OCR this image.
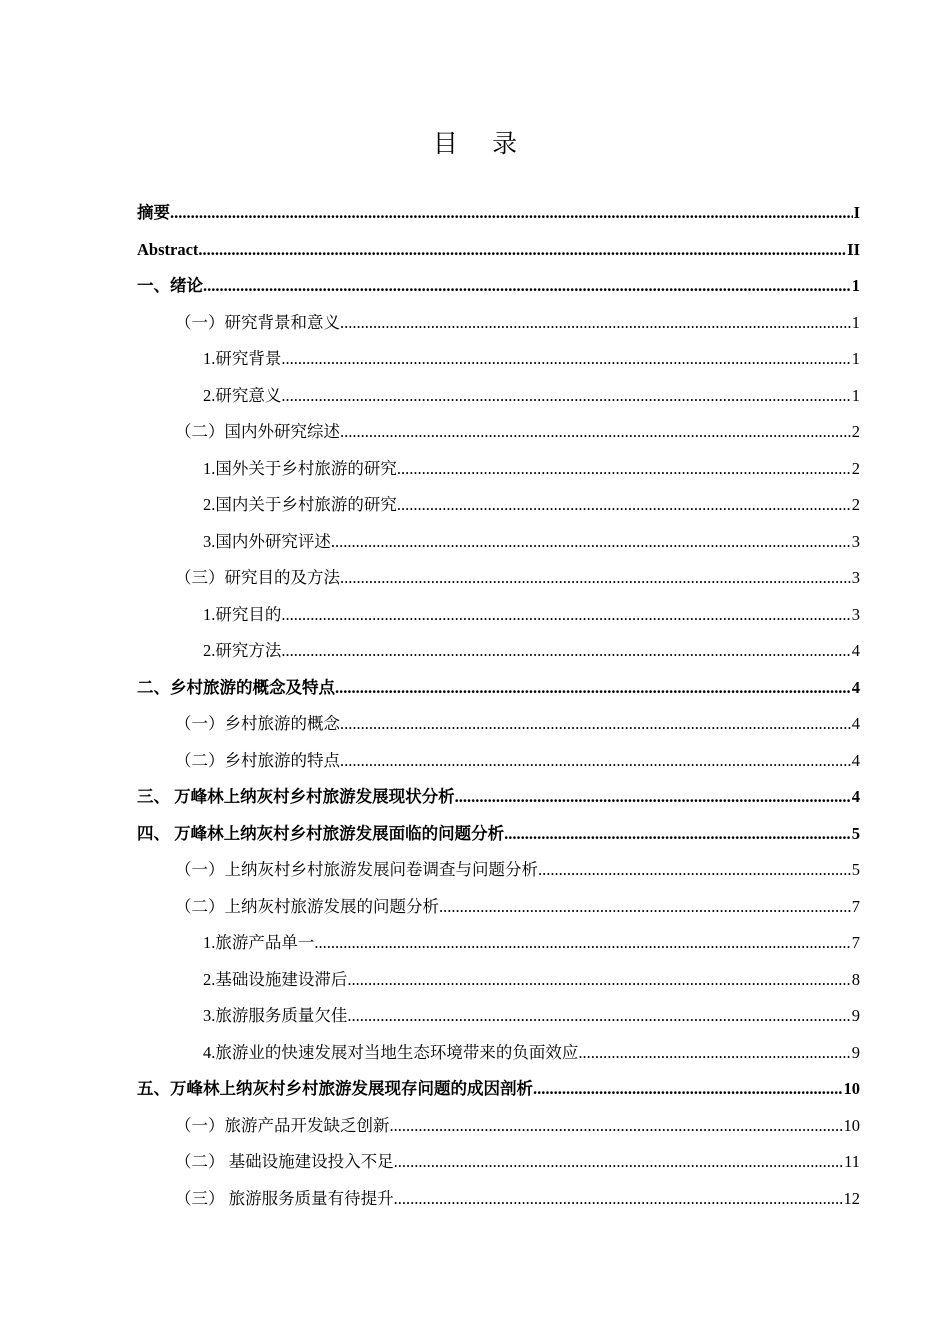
目 录
摘要 .....	I
Abstract .....	II
一、绪论 .....	1
（一）研究背景和意义 .....	1
1.研究背景 .....	1
2.研究意义 .....	1
（二）国内外研究综述 .....	2
1.国外关于乡村旅游的研究 .....	2
2.国内关于乡村旅游的研究 .....	2
3.国内外研究评述 .....	3
（三）研究目的及方法 .....	3
1.研究目的 .....	3
2.研究方法 .....	4
二、乡村旅游的概念及特点 .....	4
（一）乡村旅游的概念 .....	4
（二）乡村旅游的特点 .....	4
三、 万峰林上纳灰村乡村旅游发展现状分析 .....	4
四、 万峰林上纳灰村乡村旅游发展面临的问题分析 .....	5
（一）上纳灰村乡村旅游发展问卷调查与问题分析 .....	5
（二）上纳灰村旅游发展的问题分析 .....	7
1.旅游产品单一 .....	7
2.基础设施建设滞后 .....	8
3.旅游服务质量欠佳 .....	9
4.旅游业的快速发展对当地生态环境带来的负面效应 .....	9
五、万峰林上纳灰村乡村旅游发展现存问题的成因剖析 .....	10
（一）旅游产品开发缺乏创新 .....	10
（二） 基础设施建设投入不足 .....	11
（三） 旅游服务质量有待提升 .....	12
